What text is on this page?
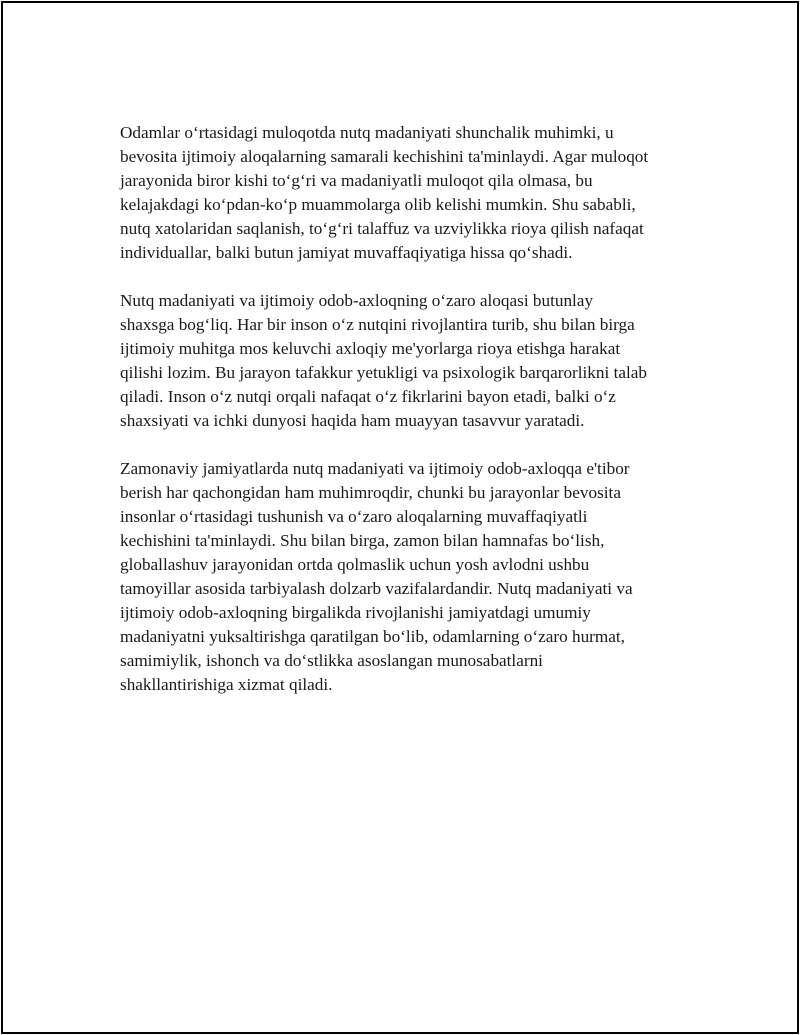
Odamlar o‘rtasidagi muloqotda nutq madaniyati shunchalik muhimki, u
bevosita ijtimoiy aloqalarning samarali kechishini ta'minlaydi. Agar muloqot
jarayonida biror kishi to‘g‘ri va madaniyatli muloqot qila olmasa, bu
kelajakdagi ko‘pdan-ko‘p muammolarga olib kelishi mumkin. Shu sababli,
nutq xatolaridan saqlanish, to‘g‘ri talaffuz va uzviylikka rioya qilish nafaqat
individuallar, balki butun jamiyat muvaffaqiyatiga hissa qo‘shadi.

Nutq madaniyati va ijtimoiy odob-axloqning o‘zaro aloqasi butunlay
shaxsga bog‘liq. Har bir inson o‘z nutqini rivojlantira turib, shu bilan birga
ijtimoiy muhitga mos keluvchi axloqiy me'yorlarga rioya etishga harakat
qilishi lozim. Bu jarayon tafakkur yetukligi va psixologik barqarorlikni talab
qiladi. Inson o‘z nutqi orqali nafaqat o‘z fikrlarini bayon etadi, balki o‘z
shaxsiyati va ichki dunyosi haqida ham muayyan tasavvur yaratadi.

Zamonaviy jamiyatlarda nutq madaniyati va ijtimoiy odob-axloqqa e'tibor
berish har qachongidan ham muhimroqdir, chunki bu jarayonlar bevosita
insonlar o‘rtasidagi tushunish va o‘zaro aloqalarning muvaffaqiyatli
kechishini ta'minlaydi. Shu bilan birga, zamon bilan hamnafas bo‘lish,
globallashuv jarayonidan ortda qolmaslik uchun yosh avlodni ushbu
tamoyillar asosida tarbiyalash dolzarb vazifalardandir. Nutq madaniyati va
ijtimoiy odob-axloqning birgalikda rivojlanishi jamiyatdagi umumiy
madaniyatni yuksaltirishga qaratilgan bo‘lib, odamlarning o‘zaro hurmat,
samimiylik, ishonch va do‘stlikka asoslangan munosabatlarni
shakllantirishiga xizmat qiladi.
